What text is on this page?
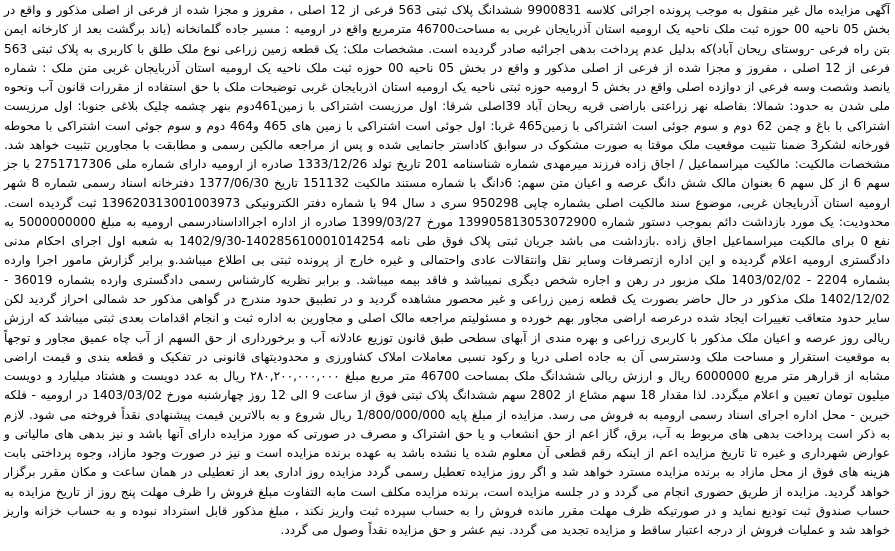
آگهی مزایده مال غیر منقول به موجب پرونده اجرائی کلاسه 9900831 ششدانگ پلاک ثبتی 563 فرعی از 12 اصلی ، مفروز و مجزا شده از فرعی از اصلی مذکور و واقع در بخش 05 ناحیه 00 حوزه ثبت ملک ناحیه یک ارومیه استان آذربایجان غربی به مساحت46700 مترمربع واقع در ارومیه : مسیر جاده گلمانخانه (باند برگشت بعد از کارخانه ایمن بتن راه فرعی -روستای ریحان آباد)که بدلیل عدم پرداخت بدهی اجرائیه صادر گردیده است. مشخصات ملک: یک قطعه زمین زراعی نوع ملک طلق با کاربری به پلاک ثبتی 563 فرعی از 12 اصلی ، مفروز و مجزا شده از فرعی از اصلی مذکور و واقع در بخش 05 ناحیه 00 حوزه ثبت ملک ناحیه یک ارومیه استان آذربایجان غربی متن ملک : شماره یانصد وشصت وسه فرعی از دوازده اصلی واقع در بخش 5 ارومیه حوزه ثبتی ناحیه یک ارومیه استان اذربایجان غربی توضیحات ملک با حق استفاده از مقررات قانون آب ونحوه ملی شدن به حدود: شمالا: بفاصله نهر زراعتی باراضی قریه ریحان آباد 39اصلی شرقا: اول مرزیست اشتراکی با زمین461دوم بنهر چشمه چلیک بلاغی جنوبا: اول مرزیست اشتراکی با باغ و چمن 62 دوم و سوم جوئی است اشتراکی با زمین465 غربا: اول جوئی است اشتراکی با زمین های 465 و464 دوم و سوم جوئی است اشتراکی با محوطه قورخانه لشکر3 ضمنا تثبیت موقعیت ملک موقتا به صورت مشکوک در سوابق کاداستر جانمایی شده و پس از مراجعه مالکین رسمی و مطابقت با مجاورین تثبیت خواهد شد. مشخصات مالکیت: مالکیت میراسماعیل / اجاق زاده فرزند میرمهدی شماره شناسنامه 201 تاریخ تولد 1333/12/26 صادره از ارومیه دارای شماره ملی 2751717306 با جز سهم 6 از کل سهم 6 بعنوان مالک شش دانگ عرصه و اعیان متن سهم: 6دانگ با شماره مستند مالکیت 151132 تاریخ 1377/06/30 دفترخانه اسناد رسمی شماره 8 شهر ارومیه استان آذربایجان غربی، موضوع سند مالکیت اصلی بشماره چاپی 950298 سری د سال 94 با شماره دفتر الکترونیکی 139620313001003973 ثبت گردیده است. محدودیت: یک مورد بازداشت دائم بموجب دستور شماره 139905813053072900 مورخ 1399/03/27 صادره از اداره اجرااداسنادرسمی ارومیه به مبلغ 5000000000 به نفع 0 برای مالکیت میراسماعیل اجاق زاده .بازداشت می باشد جریان ثبتی پلاک فوق طی نامه 140285610001014254-1402/9/30 به شعبه اول اجرای احکام مدنی دادگستری ارومیه اعلام گردیده و این اداره ازتصرفات وسایر نقل وانتقالات عادی واحتمالی و غیره خارج از پرونده ثبتی بی اطلاع میباشد.و برابر گزارش مامور اجرا وارده بشماره 2204 - 1403/02/02 ملک مزبور در رهن و اجاره شخص دیگری نمیباشد و فاقد بیمه میباشد. و برابر نظریه کارشناس رسمی دادگستری وارده بشماره 36019 - 1402/12/02 ملک مذکور در حال حاضر بصورت یک قطعه زمین زراعی و غیر محصور مشاهده گردید و در تطبیق حدود مندرج در گواهی مذکور حد شمالی احراز گردید لکن سایر حدود متعاقب تغییرات ایجاد شده درعرصه اراضی مجاور بهم خورده و مسئولیتم مراجعه مالک اصلی و مجاورین به اداره ثبت و انجام اقدامات بعدی ثبتی میباشد که ارزش ریالی روز عرصه و اعیان ملک مذکور با کاربری زراعی و بهره مندی از آبهای سطحی طبق قانون توزیع عادلانه آب و برخورداری از حق السهم از آب چاه عمیق مجاور و توجهاً به موقعیت استقرار و مساحت ملک ودسترسی آن به جاده اصلی دریا و رکود نسبی معاملات املاک کشاورزی و محدودیتهای قانونی در تفکیک و قطعه بندی و قیمت اراضی مشابه از قرارهر متر مربع 6000000 ریال و ارزش ریالی ششدانگ ملک بمساحت 46700 متر مربع مبلغ ۲۸۰,۲۰۰,۰۰۰,۰۰۰ ریال به عدد دویست و هشتاد میلیارد و دویست میلیون تومان تعیین و اعلام میگردد. لذا مقدار 18 سهم مشاع از 2802 سهم ششدانگ پلاک ثبتی فوق از ساعت 9 الی 12 روز چهارشنبه مورخ 1403/03/02 در ارومیه - فلکه خیرین - محل اداره اجرای اسناد رسمی ارومیه به فروش می رسد. مزایده از مبلغ پایه 1/800/000/000 ریال شروع و به بالاترین قیمت پیشنهادی نقداً فروخته می شود. لازم به ذکر است پرداخت بدهی های مربوط به آب، برق، گاز اعم از حق انشعاب و یا حق اشتراک و مصرف در صورتی که مورد مزایده دارای آنها باشد و نیز بدهی های مالیاتی و عوارض شهرداری و غیره تا تاریخ مزایده اعم از اینکه رقم قطعی آن معلوم شده یا نشده باشد به عهده برنده مزایده است و نیز در صورت وجود مازاد، وجوه پرداختی بابت هزینه های فوق از محل مازاد به برنده مزایده مسترد خواهد شد و اگر روز مزایده تعطیل رسمی گردد مزایده روز اداری بعد از تعطیلی در همان ساعت و مکان مقرر برگزار خواهد گردید. مزایده از طریق حضوری انجام می گردد و در جلسه مزایده است، برنده مزایده مکلف است مابه التفاوت مبلغ فروش را ظرف مهلت پنج روز از تاریخ مزایده به حساب صندوق ثبت تودیع نماید و در صورتیکه ظرف مهلت مقرر مانده فروش را به حساب سپرده ثبت واریز نکند ، مبلغ مذکور قابل استرداد نبوده و به حساب خزانه واریز خواهد شد و عملیات فروش از درجه اعتبار ساقط و مزایده تجدید می گردد. نیم عشر و حق مزایده نقداً وصول می گردد.
